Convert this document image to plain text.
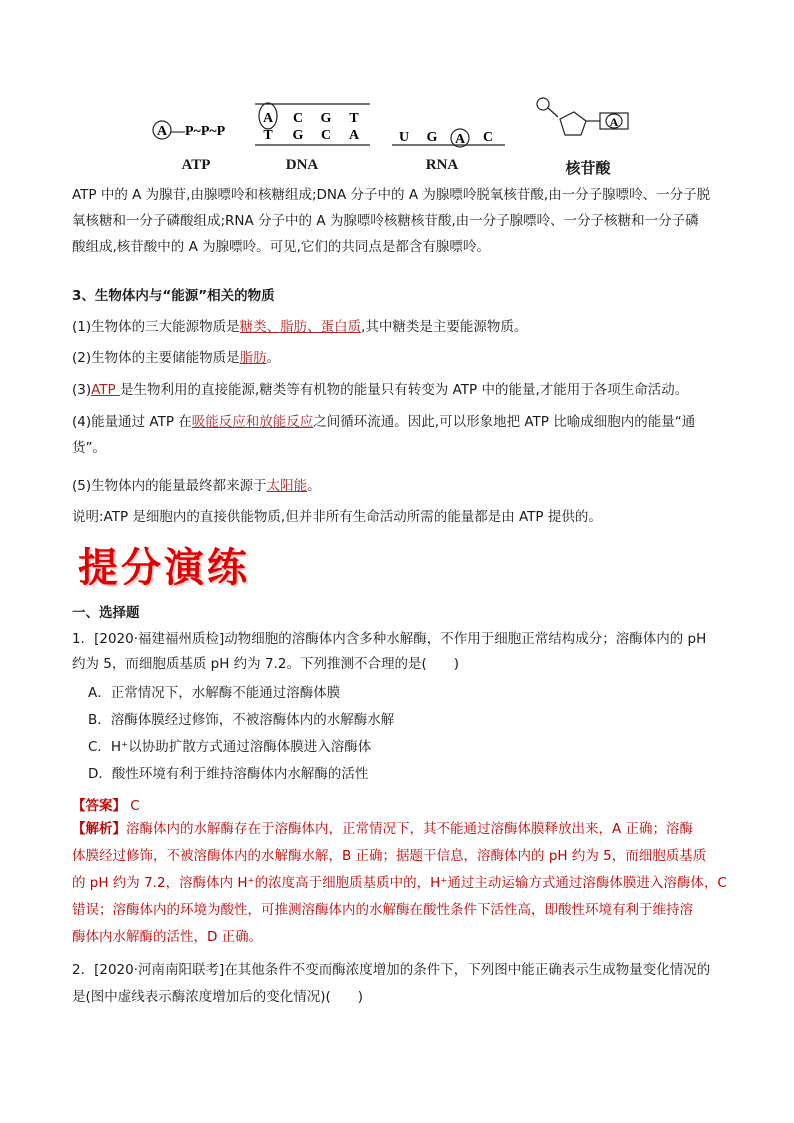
A —P~P~P
A C G T
T G C A	U G A C
A
ATP	DNA	RNA	核苷酸
ATP 中的 A 为腺苷,由腺嘌呤和核糖组成;DNA 分子中的 A 为腺嘌呤脱氧核苷酸,由一分子腺嘌呤、一分子脱
氧核糖和一分子磷酸组成;RNA 分子中的 A 为腺嘌呤核糖核苷酸,由一分子腺嘌呤、一分子核糖和一分子磷
酸组成,核苷酸中的 A 为腺嘌呤。可见,它们的共同点是都含有腺嘌呤。
3、生物体内与“能源”相关的物质
(1)生物体的三大能源物质是糖类、脂肪、蛋白质,其中糖类是主要能源物质。
(2)生物体的主要储能物质是脂肪。
(3)ATP 是生物利用的直接能源,糖类等有机物的能量只有转变为 ATP 中的能量,才能用于各项生命活动。
(4)能量通过 ATP 在吸能反应和放能反应之间循环流通。因此,可以形象地把 ATP 比喻成细胞内的能量“通
货”。
(5)生物体内的能量最终都来源于太阳能。
说明:ATP 是细胞内的直接供能物质,但并非所有生命活动所需的能量都是由 ATP 提供的。
提分演练
一、选择题
1．[2020·福建福州质检]动物细胞的溶酶体内含多种水解酶，不作用于细胞正常结构成分；溶酶体内的 pH
约为 5，而细胞质基质 pH 约为 7.2。下列推测不合理的是(　　)
A．正常情况下，水解酶不能通过溶酶体膜
B．溶酶体膜经过修饰，不被溶酶体内的水解酶水解
C．H⁺以协助扩散方式通过溶酶体膜进入溶酶体
D．酸性环境有利于维持溶酶体内水解酶的活性
【答案】 C
【解析】溶酶体内的水解酶存在于溶酶体内，正常情况下，其不能通过溶酶体膜释放出来，A 正确；溶酶
体膜经过修饰，不被溶酶体内的水解酶水解，B 正确；据题干信息，溶酶体内的 pH 约为 5，而细胞质基质
的 pH 约为 7.2，溶酶体内 H⁺的浓度高于细胞质基质中的，H⁺通过主动运输方式通过溶酶体膜进入溶酶体，C
错误；溶酶体内的环境为酸性，可推测溶酶体内的水解酶在酸性条件下活性高，即酸性环境有利于维持溶
酶体内水解酶的活性，D 正确。
2．[2020·河南南阳联考]在其他条件不变而酶浓度增加的条件下，下列图中能正确表示生成物量变化情况的
是(图中虚线表示酶浓度增加后的变化情况)(　　)
